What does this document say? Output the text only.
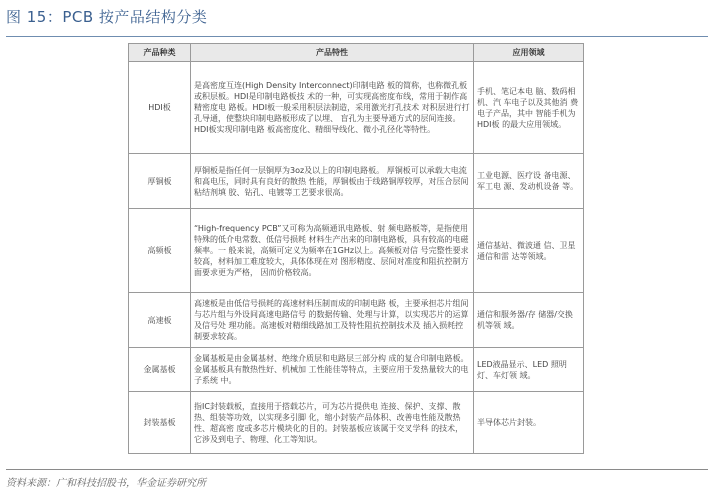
图 15：PCB 按产品结构分类
产品种类	产品特性	应用领域
HDI板	是高密度互连(High Density Interconnect)印制电路 板的简称，也称微孔板或积层板。HDI是印制电路板技 术的一种，可实现高密度布线，常用于制作高精密度电 路板。HDI板一般采用积层法制造，采用激光打孔技术 对积层进行打孔导通，使整块印制电路板形成了以埋、 盲孔为主要导通方式的层间连接。HDI板实现印制电路 板高密度化、精细导线化、微小孔径化等特性。	手机、笔记本电 脑、数码相机、汽 车电子以及其他消 费电子产品，其中 智能手机为HDI板 的最大应用领域。
厚铜板	厚铜板是指任何一层铜厚为3oz及以上的印制电路板。 厚铜板可以承载大电流和高电压，同时具有良好的散热 性能，厚铜板由于线路铜厚较厚，对压合层间粘结剂填 胶、钻孔、电镀等工艺要求很高。	工业电源、医疗设 备电源、军工电 源、发动机设备 等。
高频板	“High-frequency PCB”又可称为高频通讯电路板、射 频电路板等，是指使用特殊的低介电常数、低信号损耗 材料生产出来的印制电路板，具有较高的电磁频率。一 般来说，高频可定义为频率在1GHz以上。高频板对信 号完整性要求较高，材料加工难度较大，具体体现在对 图形精度、层间对准度和阻抗控制方面要求更为严格， 因而价格较高。	通信基站、微波通 信、卫星通信和雷 达等领域。
高速板	高速板是由低信号损耗的高速材料压制而成的印制电路 板，主要承担芯片组间与芯片组与外设间高速电路信号 的数据传输、处理与计算，以实现芯片的运算及信号处 理功能。高速板对精细线路加工及特性阻抗控制技术及 插入损耗控制要求较高。	通信和服务器/存 储器/交换机等领 域。
金属基板	金属基板是由金属基材、绝缘介质层和电路层三部分构 成的复合印制电路板。金属基板具有散热性好、机械加 工性能佳等特点，主要应用于发热量较大的电子系统 中。	LED液晶显示、LED 照明灯、车灯领 域。
封装基板	指IC封装载板，直接用于搭载芯片，可为芯片提供电 连接、保护、支撑、散热、组装等功效，以实现多引脚 化，缩小封装产品体积、改善电性能及散热性、超高密 度或多芯片模块化的目的。封装基板应该属于交叉学科 的技术，它涉及到电子、物理、化工等知识。	半导体芯片封装。
资料来源：广和科技招股书，华金证券研究所
